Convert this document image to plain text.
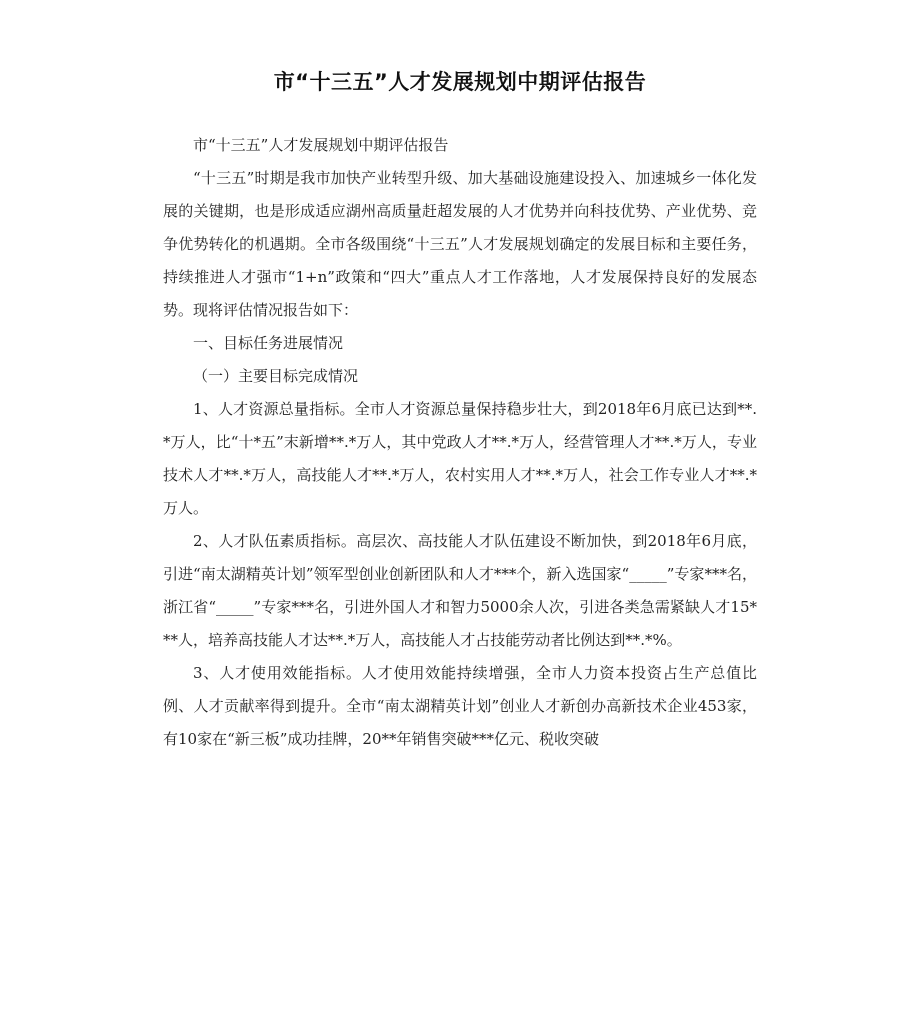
市“十三五”人才发展规划中期评估报告

市“十三五”人才发展规划中期评估报告

“十三五”时期是我市加快产业转型升级、加大基础设施建设投入、加速城乡一体化发展的关键期，也是形成适应湖州高质量赶超发展的人才优势并向科技优势、产业优势、竞争优势转化的机遇期。全市各级围绕“十三五”人才发展规划确定的发展目标和主要任务，持续推进人才强市“1+n”政策和“四大”重点人才工作落地，人才发展保持良好的发展态势。现将评估情况报告如下：

一、目标任务进展情况

（一）主要目标完成情况

1、人才资源总量指标。全市人才资源总量保持稳步壮大，到2018年6月底已达到**.*万人，比“十*五”末新增**.*万人，其中党政人才**.*万人，经营管理人才**.*万人，专业技术人才**.*万人，高技能人才**.*万人，农村实用人才**.*万人，社会工作专业人才**.*万人。

2、人才队伍素质指标。高层次、高技能人才队伍建设不断加快，到2018年6月底，引进“南太湖精英计划”领军型创业创新团队和人才***个，新入选国家“_____”专家***名，浙江省“_____”专家***名，引进外国人才和智力5000余人次，引进各类急需紧缺人才15***人，培养高技能人才达**.*万人，高技能人才占技能劳动者比例达到**.*%。

3、人才使用效能指标。人才使用效能持续增强，全市人力资本投资占生产总值比例、人才贡献率得到提升。全市“南太湖精英计划”创业人才新创办高新技术企业453家，有10家在“新三板”成功挂牌，20**年销售突破***亿元、税收突破
